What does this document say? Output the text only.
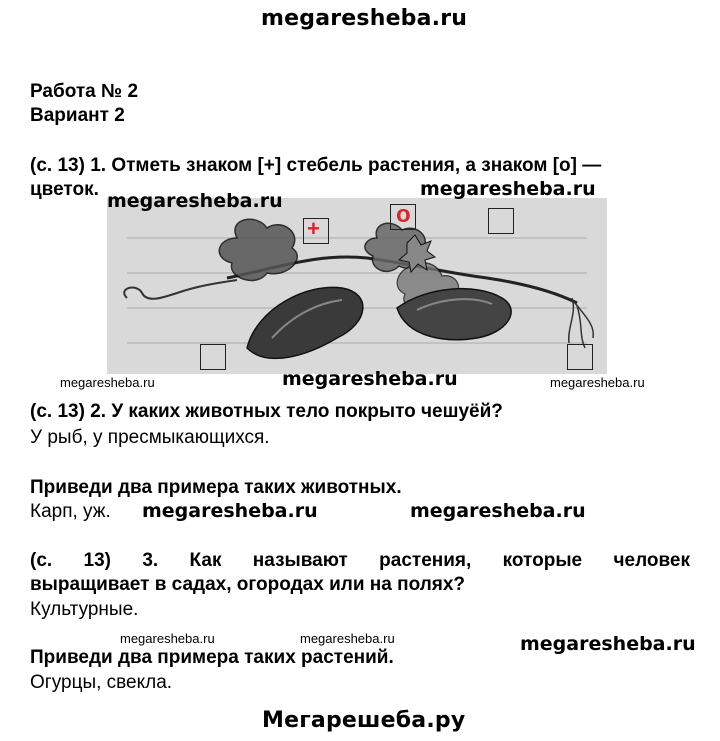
megaresheba.ru
Работа № 2
Вариант 2
(с. 13) 1. Отметь знаком [+] стебель растения, а знаком [о] —
цветок.
+
o
megaresheba.ru
megaresheba.ru
megaresheba.ru	megaresheba.ru	megaresheba.ru
(с. 13) 2. У каких животных тело покрыто чешуёй?
У рыб, у пресмыкающихся.
Приведи два примера таких животных.
Карп, уж. megaresheba.ru	megaresheba.ru
(с. 13) 3. Как называют растения, которые человек
выращивает в садах, огородах или на полях?
Культурные.
megaresheba.ru	megaresheba.ru	megaresheba.ru
Приведи два примера таких растений.
Огурцы, свекла.
Мегарешеба.ру
